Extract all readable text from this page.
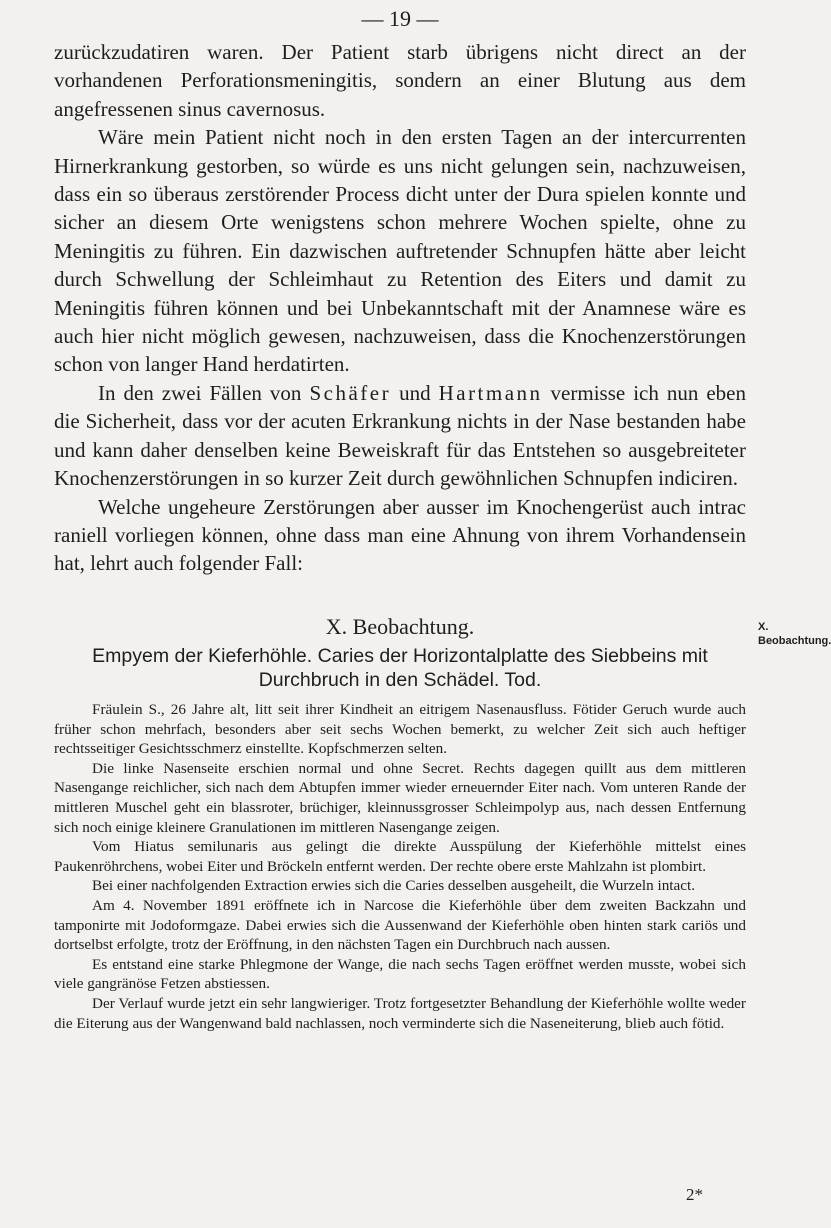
— 19 —

zurückzudatiren waren. Der Patient starb übrigens nicht direct an der vorhandenen Perforationsmeningitis, sondern an einer Blutung aus dem angefressenen sinus cavernosus.

Wäre mein Patient nicht noch in den ersten Tagen an der intercurrenten Hirnerkrankung gestorben, so würde es uns nicht gelungen sein, nachzuweisen, dass ein so überaus zerstörender Process dicht unter der Dura spielen konnte und sicher an diesem Orte wenigstens schon mehrere Wochen spielte, ohne zu Meningitis zu führen. Ein dazwischen auftretender Schnupfen hätte aber leicht durch Schwellung der Schleimhaut zu Retention des Eiters und damit zu Meningitis führen können und bei Unbekanntschaft mit der Anamnese wäre es auch hier nicht möglich gewesen, nachzuweisen, dass die Knochenzerstörungen schon von langer Hand herdatirten.

In den zwei Fällen von Schäfer und Hartmann vermisse ich nun eben die Sicherheit, dass vor der acuten Erkrankung nichts in der Nase bestanden habe und kann daher denselben keine Beweiskraft für das Entstehen so ausgebreiteter Knochenzerstörungen in so kurzer Zeit durch gewöhnlichen Schnupfen indiciren.

Welche ungeheure Zerstörungen aber ausser im Knochengerüst auch intrac raniell vorliegen können, ohne dass man eine Ahnung von ihrem Vorhandensein hat, lehrt auch folgender Fall:

X. Beobachtung.	X. Beobachtung.
Empyem der Kieferhöhle. Caries der Horizontalplatte des Siebbeins mit Durchbruch in den Schädel. Tod.

Fräulein S., 26 Jahre alt, litt seit ihrer Kindheit an eitrigem Nasenausfluss. Fötider Geruch wurde auch früher schon mehrfach, besonders aber seit sechs Wochen bemerkt, zu welcher Zeit sich auch heftiger rechtsseitiger Gesichtsschmerz einstellte. Kopfschmerzen selten.

Die linke Nasenseite erschien normal und ohne Secret. Rechts dagegen quillt aus dem mittleren Nasengange reichlicher, sich nach dem Abtupfen immer wieder erneuernder Eiter nach. Vom unteren Rande der mittleren Muschel geht ein blassroter, brüchiger, kleinnussgrosser Schleimpolyp aus, nach dessen Entfernung sich noch einige kleinere Granulationen im mittleren Nasengange zeigen.

Vom Hiatus semilunaris aus gelingt die direkte Ausspülung der Kieferhöhle mittelst eines Paukenröhrchens, wobei Eiter und Bröckeln entfernt werden. Der rechte obere erste Mahlzahn ist plombirt.

Bei einer nachfolgenden Extraction erwies sich die Caries desselben ausgeheilt, die Wurzeln intact.

Am 4. November 1891 eröffnete ich in Narcose die Kieferhöhle über dem zweiten Backzahn und tamponirte mit Jodoformgaze. Dabei erwies sich die Aussenwand der Kieferhöhle oben hinten stark cariös und dortselbst erfolgte, trotz der Eröffnung, in den nächsten Tagen ein Durchbruch nach aussen.

Es entstand eine starke Phlegmone der Wange, die nach sechs Tagen eröffnet werden musste, wobei sich viele gangränöse Fetzen abstiessen.

Der Verlauf wurde jetzt ein sehr langwieriger. Trotz fortgesetzter Behandlung der Kieferhöhle wollte weder die Eiterung aus der Wangenwand bald nachlassen, noch verminderte sich die Naseneiterung, blieb auch fötid.

2*
